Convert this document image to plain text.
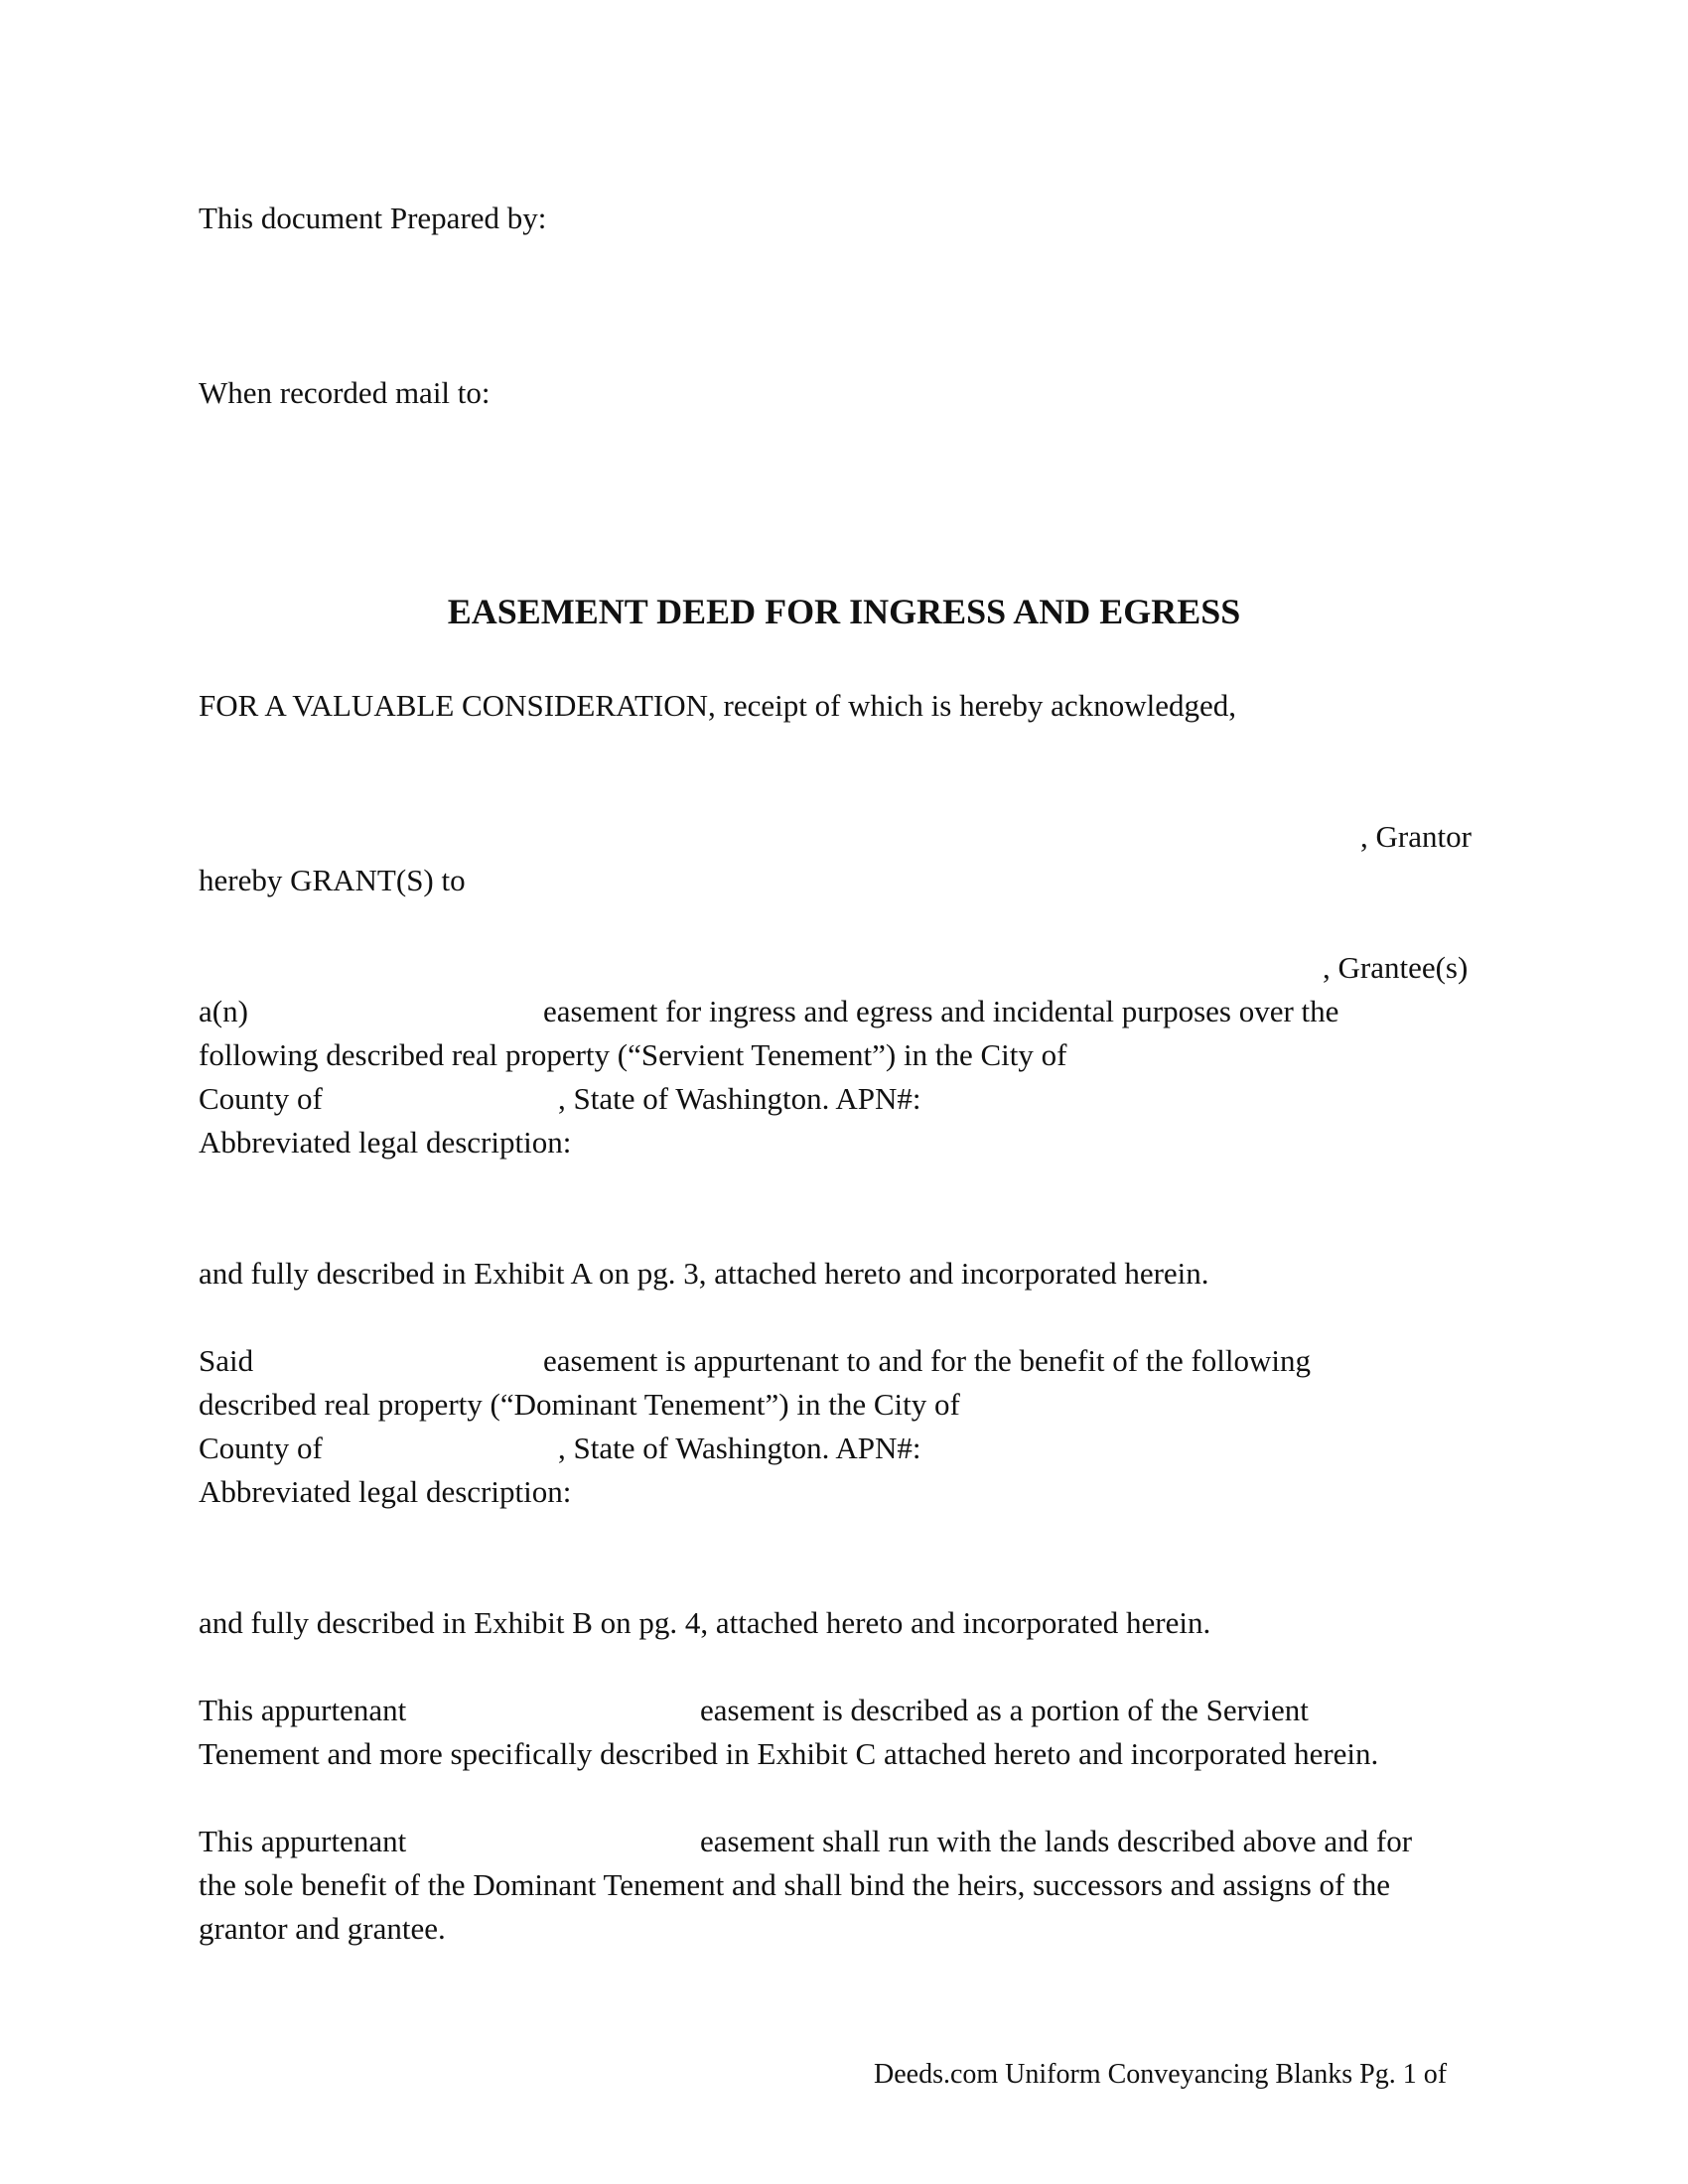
This document Prepared by:
When recorded mail to:
EASEMENT DEED FOR INGRESS AND EGRESS
FOR A VALUABLE CONSIDERATION, receipt of which is hereby acknowledged,
, Grantor
hereby GRANT(S) to
, Grantee(s)
a(n)	easement for ingress and egress and incidental purposes over the
following described real property (“Servient Tenement”) in the City of
County of	, State of Washington. APN#:
Abbreviated legal description:
and fully described in Exhibit A on pg. 3, attached hereto and incorporated herein.
Said	easement is appurtenant to and for the benefit of the following
described real property (“Dominant Tenement”) in the City of
County of	, State of Washington. APN#:
Abbreviated legal description:
and fully described in Exhibit B on pg. 4, attached hereto and incorporated herein.
This appurtenant	easement is described as a portion of the Servient
Tenement and more specifically described in Exhibit C attached hereto and incorporated herein.
This appurtenant	easement shall run with the lands described above and for
the sole benefit of the Dominant Tenement and shall bind the heirs, successors and assigns of the
grantor and grantee.
Deeds.com Uniform Conveyancing Blanks Pg. 1 of
